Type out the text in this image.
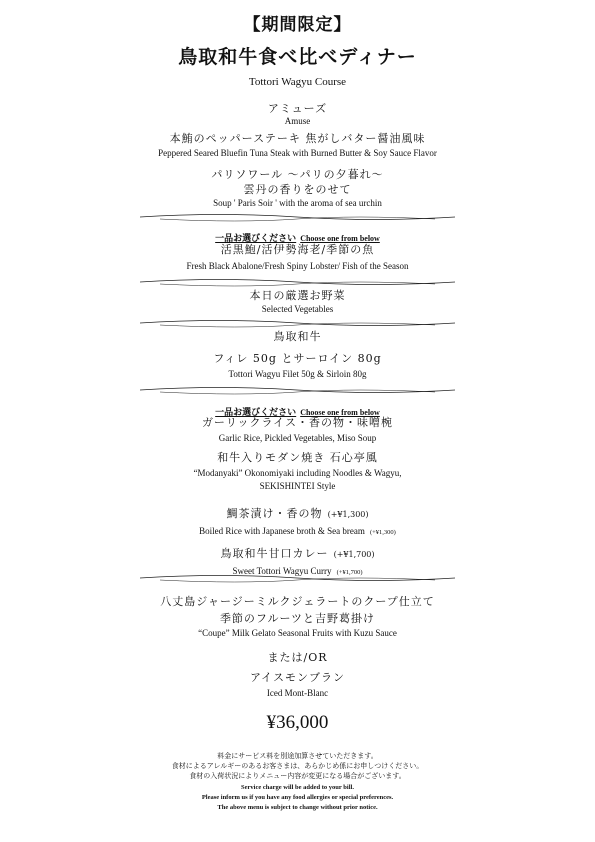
【期間限定】
鳥取和牛食べ比べディナー
Tottori Wagyu Course
アミューズ
Amuse
本鮪のペッパーステーキ 焦がしバター醤油風味
Peppered Seared Bluefin Tuna Steak with Burned Butter & Soy Sauce Flavor
パリソワール ～パリの夕暮れ～
雲丹の香りをのせて
Soup ' Paris Soir ' with the aroma of sea urchin
一品お選びください Choose one from below
活黒鮑/活伊勢海老/季節の魚
Fresh Black Abalone/Fresh Spiny Lobster/ Fish of the Season
本日の厳選お野菜
Selected Vegetables
鳥取和牛
フィレ 50g とサーロイン 80g
Tottori Wagyu Filet 50g & Sirloin 80g
一品お選びください Choose one from below
ガーリックライス・香の物・味噌椀
Garlic Rice, Pickled Vegetables, Miso Soup
和牛入りモダン焼き 石心亭風
“Modanyaki” Okonomiyaki including Noodles & Wagyu,
SEKISHINTEI Style
鯛茶漬け・香の物 (+¥1,300)
Boiled Rice with Japanese broth & Sea bream (+¥1,300)
鳥取和牛甘口カレー (+¥1,700)
Sweet Tottori Wagyu Curry (+¥1,700)
八丈島ジャージーミルクジェラートのクープ仕立て
季節のフルーツと吉野葛掛け
“Coupe” Milk Gelato Seasonal Fruits with Kuzu Sauce
または/OR
アイスモンブラン
Iced Mont-Blanc
¥36,000
料金にサービス料を別途加算させていただきます。
食材によるアレルギーのあるお客さまは、あらかじめ係にお申しつけください。
食材の入荷状況によりメニュー内容が変更になる場合がございます。
Service charge will be added to your bill.
Please inform us if you have any food allergies or special preferences.
The above menu is subject to change without prior notice.
